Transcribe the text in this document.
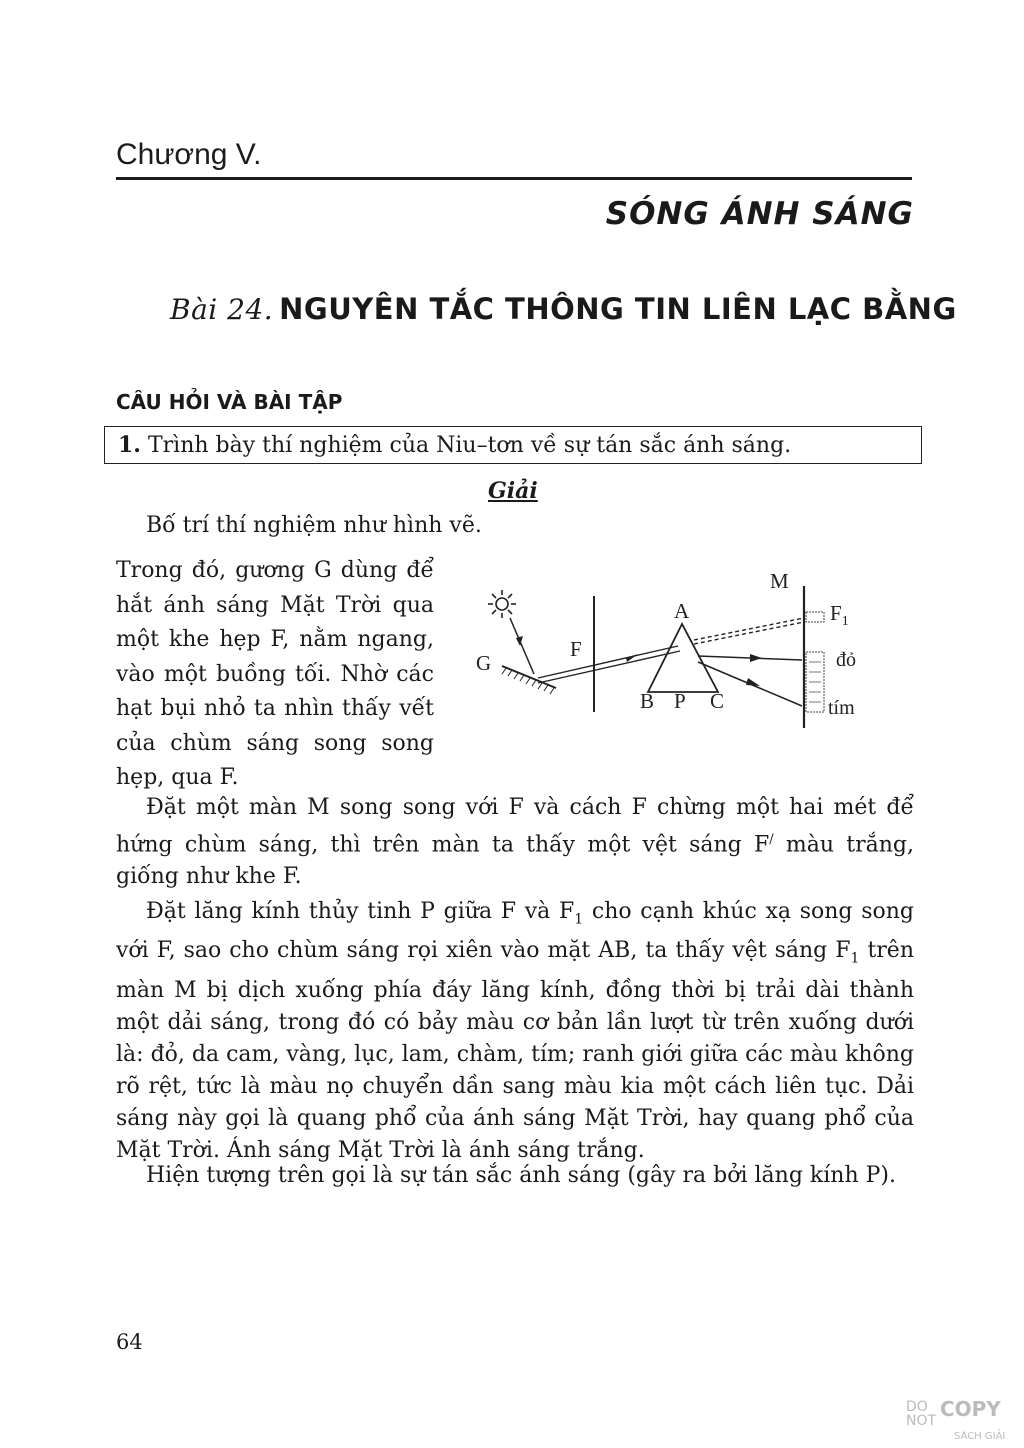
Chương V.
SÓNG ÁNH SÁNG
Bài 24. NGUYÊN TẮC THÔNG TIN LIÊN LẠC BẰNG
CÂU HỎI VÀ BÀI TẬP
1. Trình bày thí nghiệm của Niu–tơn về sự tán sắc ánh sáng.
Giải
Bố trí thí nghiệm như hình vẽ.
Trong đó, gương G dùng để hắt ánh sáng Mặt Trời qua một khe hẹp F, nằm ngang, vào một buồng tối. Nhờ các hạt bụi nhỏ ta nhìn thấy vết của chùm sáng song song hẹp, qua F.
G
F
A
B P C
M
$F_1$
đỏ
tím
Đặt một màn M song song với F và cách F chừng một hai mét để hứng chùm sáng, thì trên màn ta thấy một vệt sáng F/ màu trắng, giống như khe F.
Đặt lăng kính thủy tinh P giữa F và $F_1$ cho cạnh khúc xạ song song với F, sao cho chùm sáng rọi xiên vào mặt AB, ta thấy vệt sáng $F_1$ trên màn M bị dịch xuống phía đáy lăng kính, đồng thời bị trải dài thành một dải sáng, trong đó có bảy màu cơ bản lần lượt từ trên xuống dưới là: đỏ, da cam, vàng, lục, lam, chàm, tím; ranh giới giữa các màu không rõ rệt, tức là màu nọ chuyển dần sang màu kia một cách liên tục. Dải sáng này gọi là quang phổ của ánh sáng Mặt Trời, hay quang phổ của Mặt Trời. Ánh sáng Mặt Trời là ánh sáng trắng.
Hiện tượng trên gọi là sự tán sắc ánh sáng (gây ra bởi lăng kính P).
64
DO
NOT COPY
SÁCH GIẢI
